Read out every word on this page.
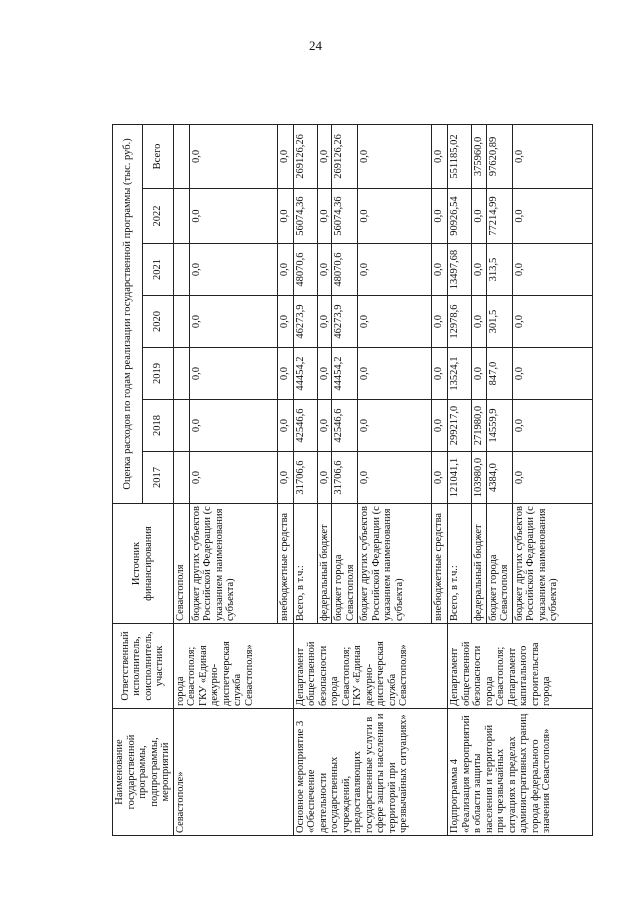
24
Наименование государственной программы, подпрограммы, мероприятий	Ответственный исполнитель, соисполнитель, участник	Источник финансирования	Оценка расходов по годам реализации государственной программы (тыс. руб.)						
			2017	2018	2019	2020	2021	2022	Всего
Севастополе»	города Севастополя; ГКУ «Единая дежурно-диспетчерская служба Севастополя»	Севастополя							
		бюджет других субъектов Российской Федерации (с указанием наименования субъекта)	0,0	0,0	0,0	0,0	0,0	0,0	0,0
		внебюджетные средства	0,0	0,0	0,0	0,0	0,0	0,0	0,0
Основное мероприятие 3 «Обеспечение деятельности государственных учреждений, предоставляющих государственные услуги в сфере защиты населения и территорий при чрезвычайных ситуациях»	Департамент общественной безопасности города Севастополя; ГКУ «Единая дежурно-диспетчерская служба Севастополя»	Всего, в т.ч.:	31706,6	42546,6	44454,2	46273,9	48070,6	56074,36	269126,26
		федеральный бюджет	0,0	0,0	0,0	0,0	0,0	0,0	0,0
		бюджет города Севастополя	31706,6	42546,6	44454,2	46273,9	48070,6	56074,36	269126,26
		бюджет других субъектов Российской Федерации (с указанием наименования субъекта)	0,0	0,0	0,0	0,0	0,0	0,0	0,0
		внебюджетные средства	0,0	0,0	0,0	0,0	0,0	0,0	0,0
Подпрограмма 4 «Реализация мероприятий в области защиты населения и территорий при чрезвычайных ситуациях в пределах административных границ города федерального значения Севастополя»	Департамент общественной безопасности города Севастополя; Департамент капитального строительства города	Всего, в т.ч.:	121041,1	299217,0	13524,1	12978,6	13497,68	90926,54	551185,02
		федеральный бюджет	103980,0	271980,0	0,0	0,0	0,0	0,0	375960,0
		бюджет города Севастополя	4384,0	14559,9	847,0	301,5	313,5	77214,99	97620,89
		бюджет других субъектов Российской Федерации (с указанием наименования субъекта)	0,0	0,0	0,0	0,0	0,0	0,0	0,0
